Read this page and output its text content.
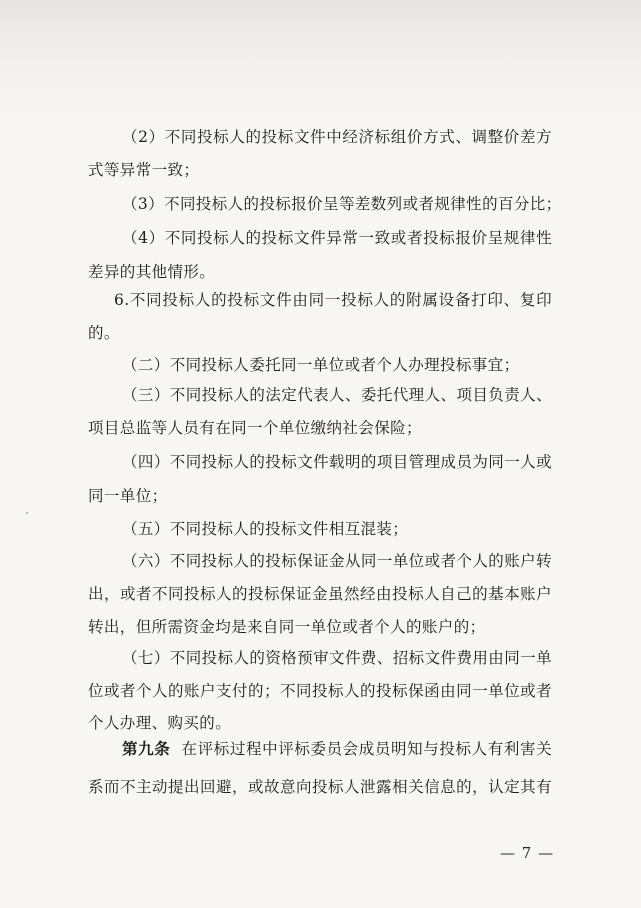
（2）不同投标人的投标文件中经济标组价方式、调整价差方
式等异常一致；
（3）不同投标人的投标报价呈等差数列或者规律性的百分比；
（4）不同投标人的投标文件异常一致或者投标报价呈规律性
差异的其他情形。
6.不同投标人的投标文件由同一投标人的附属设备打印、复印
的。
（二）不同投标人委托同一单位或者个人办理投标事宜；
（三）不同投标人的法定代表人、委托代理人、项目负责人、
项目总监等人员有在同一个单位缴纳社会保险；
（四）不同投标人的投标文件载明的项目管理成员为同一人或
同一单位；
（五）不同投标人的投标文件相互混装；
（六）不同投标人的投标保证金从同一单位或者个人的账户转
出，或者不同投标人的投标保证金虽然经由投标人自己的基本账户
转出，但所需资金均是来自同一单位或者个人的账户的；
（七）不同投标人的资格预审文件费、招标文件费用由同一单
位或者个人的账户支付的；不同投标人的投标保函由同一单位或者
个人办理、购买的。
第九条 在评标过程中评标委员会成员明知与投标人有利害关
系而不主动提出回避，或故意向投标人泄露相关信息的，认定其有
— 7 —
